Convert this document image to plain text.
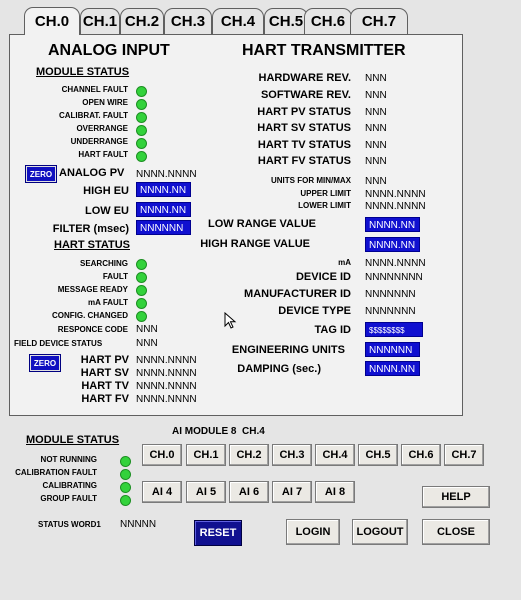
CH.0 CH.1 CH.2 CH.3	CH.4 CH.5 CH.6	CH.7
ANALOG INPUT
MODULE STATUS
CHANNEL FAULT
OPEN WIRE
CALIBRAT. FAULT
OVERRANGE
UNDERRANGE
HART FAULT
ZERO ANALOG PV NNNN.NNNN
HIGH EU	NNNN.NN
LOW EU	NNNN.NN
FILTER (msec)	NNNNNN
HART STATUS
SEARCHING
FAULT
MESSAGE READY
mA FAULT
CONFIG. CHANGED
RESPONCE CODE NNN
FIELD DEVICE STATUS	NNN
ZERO	HART PV NNNN.NNNN
HART SV NNNN.NNNN
HART TV NNNN.NNNN
HART FV NNNN.NNNN
HART TRANSMITTER
HARDWARE REV. NNN
SOFTWARE REV. NNN
HART PV STATUS NNN
HART SV STATUS NNN
HART TV STATUS NNN
HART FV STATUS NNN
UNITS FOR MIN/MAX NNN
UPPER LIMIT NNNN.NNNN
LOWER LIMIT NNNN.NNNN
LOW RANGE VALUE	NNNN.NN
HIGH RANGE VALUE	NNNN.NN
mA NNNN.NNNN
DEVICE ID NNNNNNNN
MANUFACTURER ID NNNNNNN
DEVICE TYPE NNNNNNN
TAG ID	$$$$$$$$
ENGINEERING UNITS	NNNNNN
DAMPING (sec.)	NNNN.NN
MODULE STATUS
NOT RUNNING
CALIBRATION FAULT
CALIBRATING
GROUP FAULT
AI MODULE 8  CH.4
CH.0	CH.1	CH.2	CH.3	CH.4	CH.5	CH.6	CH.7
AI 4	AI 5	AI 6	AI 7	AI 8	HELP
STATUS WORD1 NNNNN
RESET	LOGIN	LOGOUT	CLOSE
